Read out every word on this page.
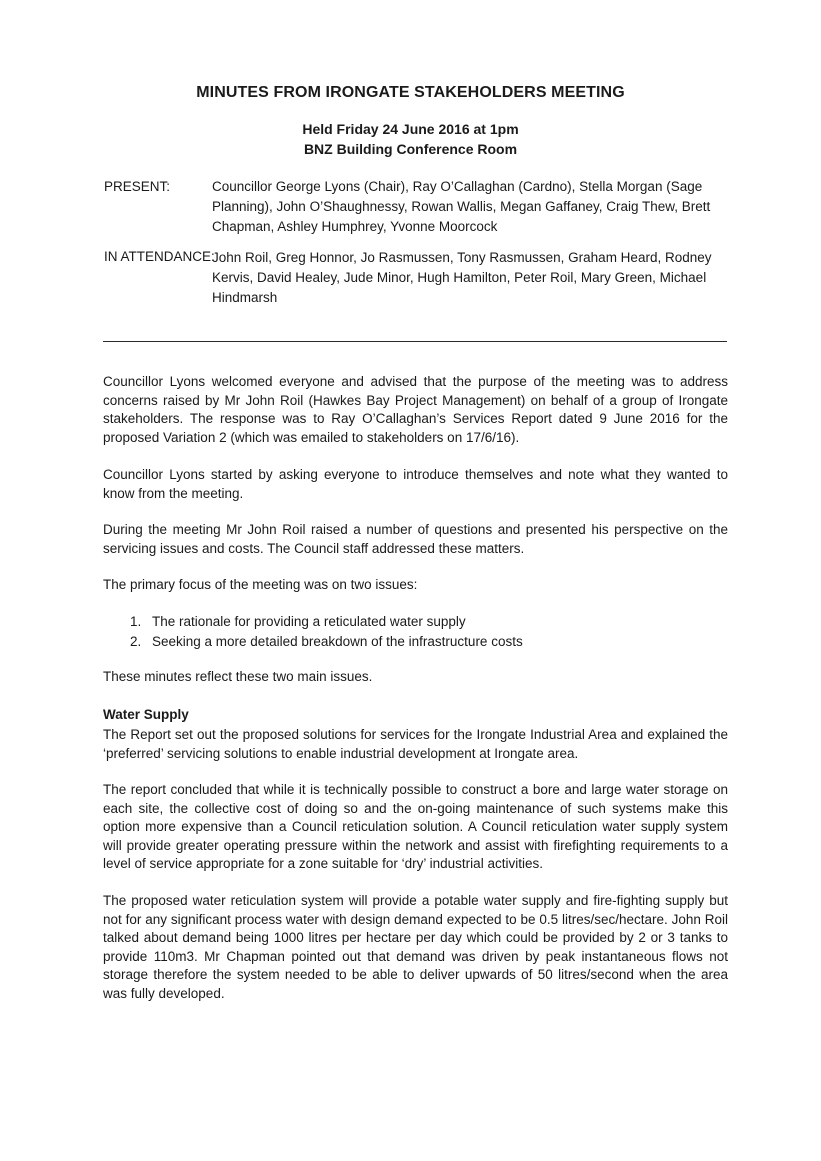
MINUTES FROM IRONGATE STAKEHOLDERS MEETING
Held Friday 24 June 2016 at 1pm
BNZ Building Conference Room
PRESENT:	Councillor George Lyons (Chair), Ray O’Callaghan (Cardno), Stella Morgan (Sage Planning), John O’Shaughnessy, Rowan Wallis, Megan Gaffaney, Craig Thew, Brett Chapman, Ashley Humphrey, Yvonne Moorcock
IN ATTENDANCE:
John Roil, Greg Honnor, Jo Rasmussen, Tony Rasmussen, Graham Heard, Rodney Kervis, David Healey, Jude Minor, Hugh Hamilton, Peter Roil, Mary Green, Michael Hindmarsh
Councillor Lyons welcomed everyone and advised that the purpose of the meeting was to address concerns raised by Mr John Roil (Hawkes Bay Project Management) on behalf of a group of Irongate stakeholders. The response was to Ray O’Callaghan’s Services Report dated 9 June 2016 for the proposed Variation 2 (which was emailed to stakeholders on 17/6/16).
Councillor Lyons started by asking everyone to introduce themselves and note what they wanted to know from the meeting.
During the meeting Mr John Roil raised a number of questions and presented his perspective on the servicing issues and costs. The Council staff addressed these matters.
The primary focus of the meeting was on two issues:
1. The rationale for providing a reticulated water supply
2. Seeking a more detailed breakdown of the infrastructure costs
These minutes reflect these two main issues.
Water Supply
The Report set out the proposed solutions for services for the Irongate Industrial Area and explained the ‘preferred’ servicing solutions to enable industrial development at Irongate area.
The report concluded that while it is technically possible to construct a bore and large water storage on each site, the collective cost of doing so and the on-going maintenance of such systems make this option more expensive than a Council reticulation solution. A Council reticulation water supply system will provide greater operating pressure within the network and assist with firefighting requirements to a level of service appropriate for a zone suitable for ‘dry’ industrial activities.
The proposed water reticulation system will provide a potable water supply and fire-fighting supply but not for any significant process water with design demand expected to be 0.5 litres/sec/hectare. John Roil talked about demand being 1000 litres per hectare per day which could be provided by 2 or 3 tanks to provide 110m3. Mr Chapman pointed out that demand was driven by peak instantaneous flows not storage therefore the system needed to be able to deliver upwards of 50 litres/second when the area was fully developed.
